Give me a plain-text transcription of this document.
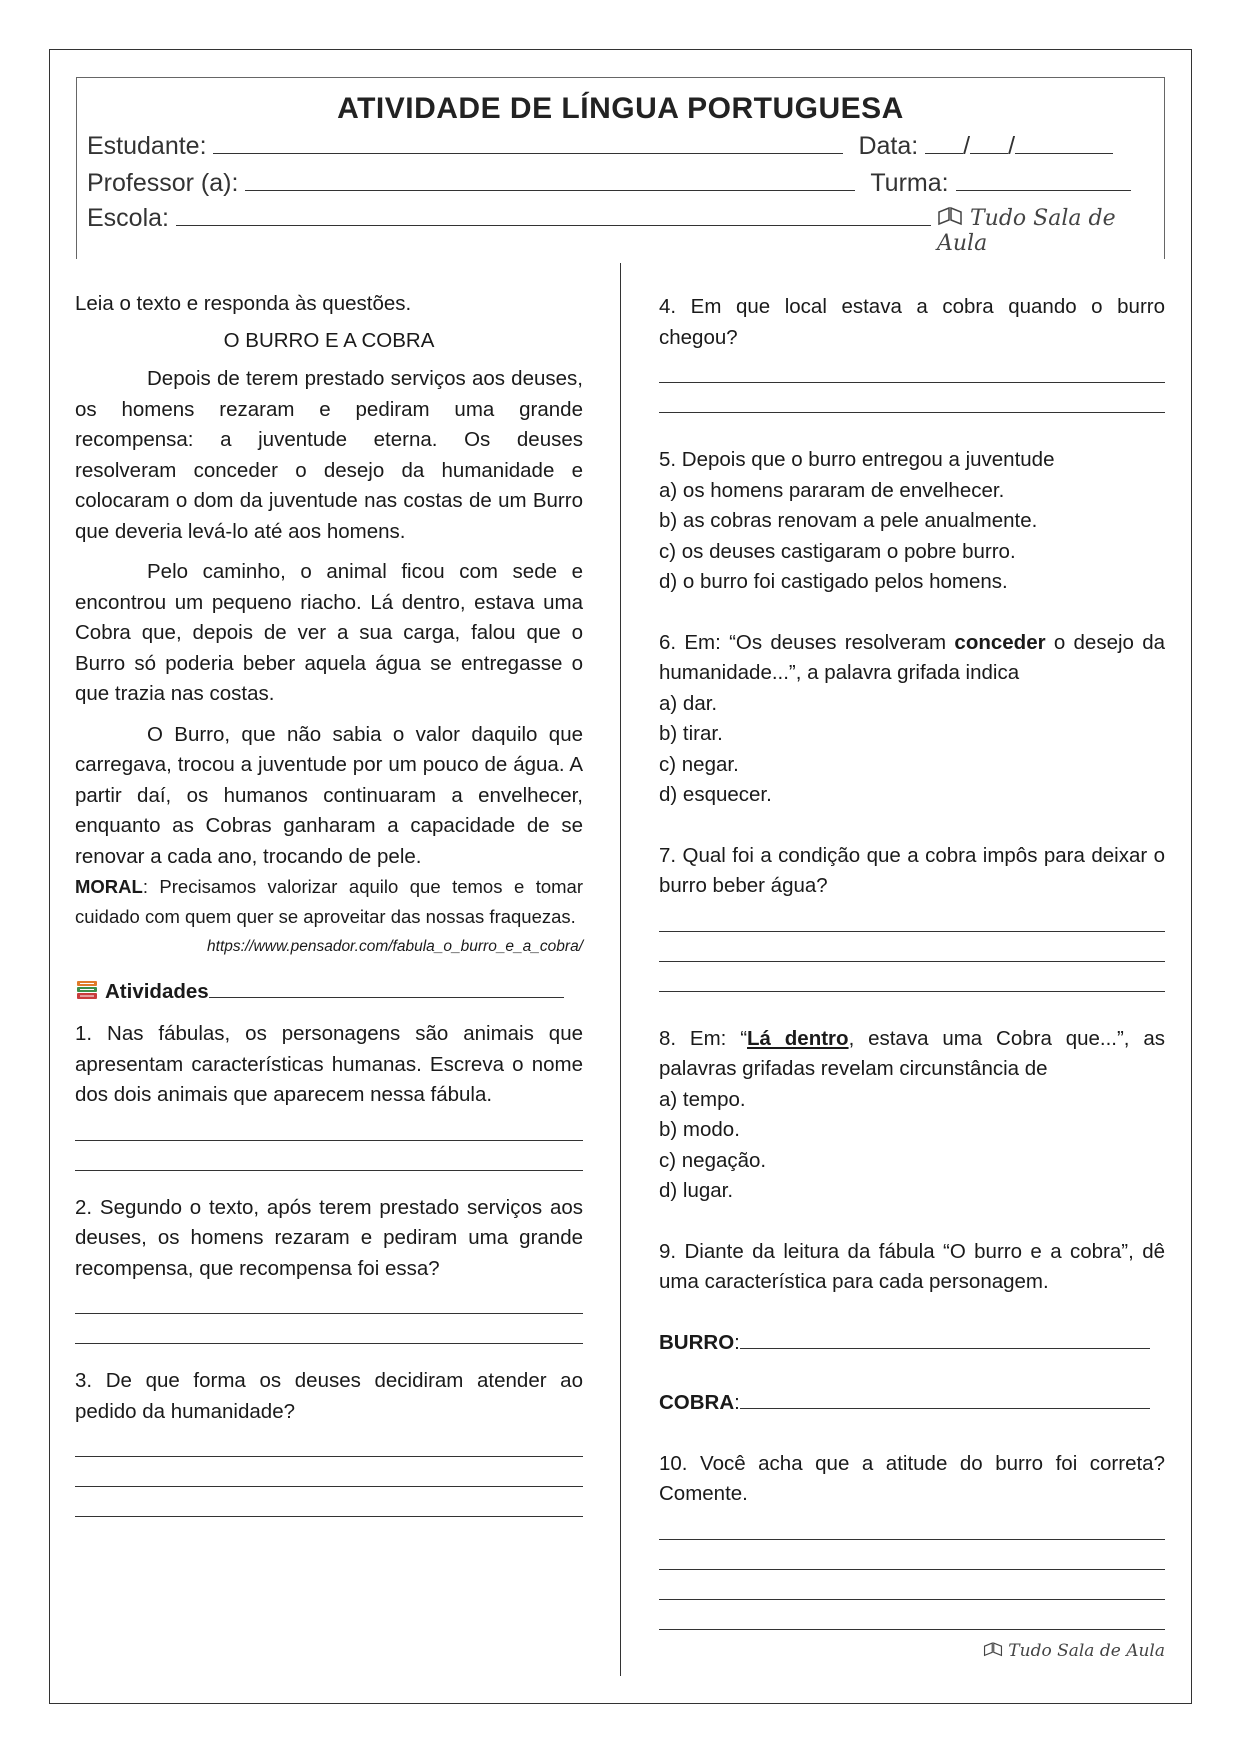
ATIVIDADE DE LÍNGUA PORTUGUESA
Estudante:	Data: / /
Professor (a):	Turma:
Escola:	Tudo Sala de Aula

Leia o texto e responda às questões.

O BURRO E A COBRA

Depois de terem prestado serviços aos deuses, os homens rezaram e pediram uma grande recompensa: a juventude eterna. Os deuses resolveram conceder o desejo da humanidade e colocaram o dom da juventude nas costas de um Burro que deveria levá-lo até aos homens.

Pelo caminho, o animal ficou com sede e encontrou um pequeno riacho. Lá dentro, estava uma Cobra que, depois de ver a sua carga, falou que o Burro só poderia beber aquela água se entregasse o que trazia nas costas.

O Burro, que não sabia o valor daquilo que carregava, trocou a juventude por um pouco de água. A partir daí, os humanos continuaram a envelhecer, enquanto as Cobras ganharam a capacidade de se renovar a cada ano, trocando de pele.

MORAL: Precisamos valorizar aquilo que temos e tomar cuidado com quem quer se aproveitar das nossas fraquezas.

https://www.pensador.com/fabula_o_burro_e_a_cobra/

Atividades

1. Nas fábulas, os personagens são animais que apresentam características humanas. Escreva o nome dos dois animais que aparecem nessa fábula.

2. Segundo o texto, após terem prestado serviços aos deuses, os homens rezaram e pediram uma grande recompensa, que recompensa foi essa?

3. De que forma os deuses decidiram atender ao pedido da humanidade?

4. Em que local estava a cobra quando o burro chegou?

5. Depois que o burro entregou a juventude

a) os homens pararam de envelhecer.

b) as cobras renovam a pele anualmente.

c) os deuses castigaram o pobre burro.

d) o burro foi castigado pelos homens.

6. Em: “Os deuses resolveram conceder o desejo da humanidade...”, a palavra grifada indica

a) dar.

b) tirar.

c) negar.

d) esquecer.

7. Qual foi a condição que a cobra impôs para deixar o burro beber água?

8. Em: “Lá dentro, estava uma Cobra que...”, as palavras grifadas revelam circunstância de

a) tempo.

b) modo.

c) negação.

d) lugar.

9. Diante da leitura da fábula “O burro e a cobra”, dê uma característica para cada personagem.

BURRO:

COBRA:

10. Você acha que a atitude do burro foi correta? Comente.

Tudo Sala de Aula
